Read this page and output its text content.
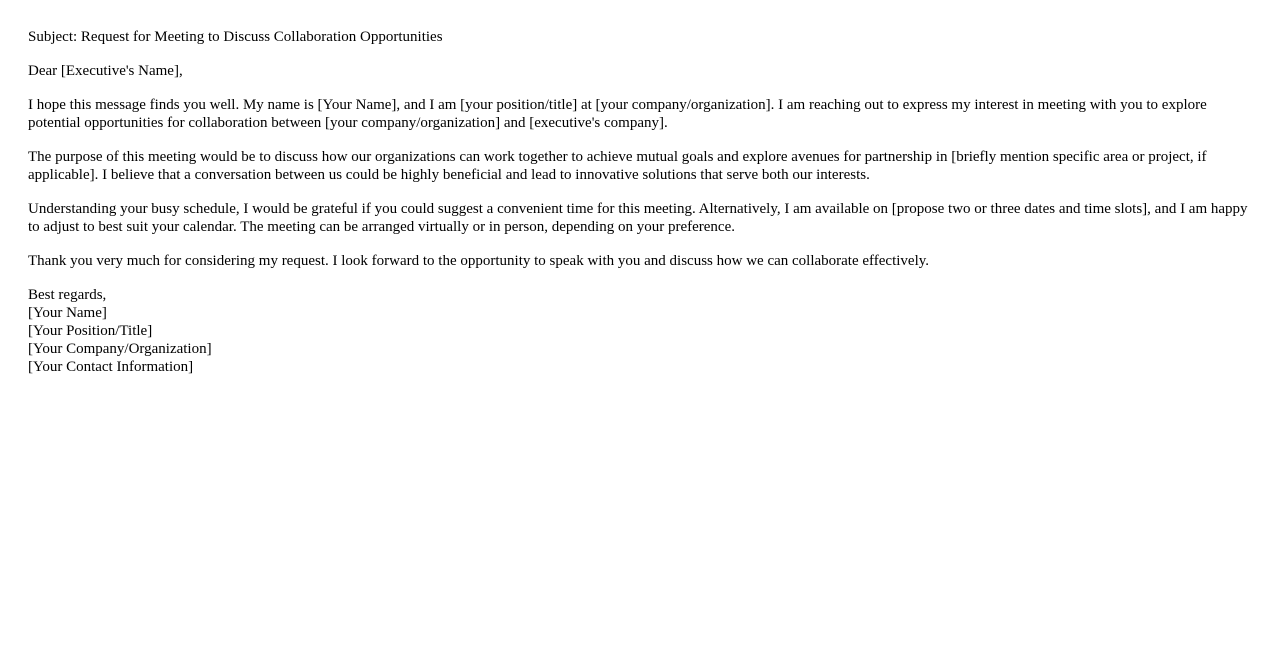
Subject: Request for Meeting to Discuss Collaboration Opportunities

Dear [Executive's Name],

I hope this message finds you well. My name is [Your Name], and I am [your position/title] at [your company/organization]. I am reaching out to express my interest in meeting with you to explore potential opportunities for collaboration between [your company/organization] and [executive's company].

The purpose of this meeting would be to discuss how our organizations can work together to achieve mutual goals and explore avenues for partnership in [briefly mention specific area or project, if applicable]. I believe that a conversation between us could be highly beneficial and lead to innovative solutions that serve both our interests.

Understanding your busy schedule, I would be grateful if you could suggest a convenient time for this meeting. Alternatively, I am available on [propose two or three dates and time slots], and I am happy to adjust to best suit your calendar. The meeting can be arranged virtually or in person, depending on your preference.

Thank you very much for considering my request. I look forward to the opportunity to speak with you and discuss how we can collaborate effectively.

Best regards,
[Your Name]
[Your Position/Title]
[Your Company/Organization]
[Your Contact Information]
